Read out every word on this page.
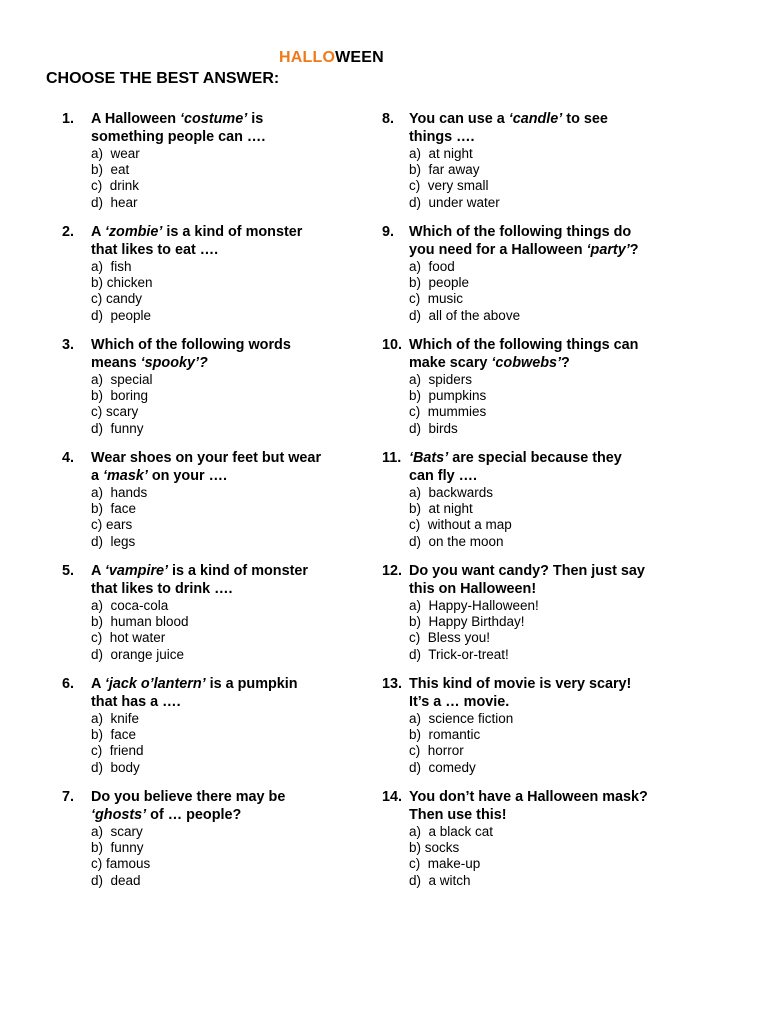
HALLOWEEN
CHOOSE THE BEST ANSWER:
1.	A Halloween ‘costume’ is
something people can ….
a)  wear
b)  eat
c)  drink
d)  hear
2.	A ‘zombie’ is a kind of monster
that likes to eat ….
a)  fish
b) chicken
c) candy
d)  people
3.	Which of the following words
means ‘spooky’?
a)  special
b)  boring
c) scary
d)  funny
4.	Wear shoes on your feet but wear
a ‘mask’ on your ….
a)  hands
b)  face
c) ears
d)  legs
5.	A ‘vampire’ is a kind of monster
that likes to drink ….
a)  coca-cola
b)  human blood
c)  hot water
d)  orange juice
6.	A ‘jack o’lantern’ is a pumpkin
that has a ….
a)  knife
b)  face
c)  friend
d)  body
7.	Do you believe there may be
‘ghosts’ of … people?
a)  scary
b)  funny
c) famous
d)  dead
8.	You can use a ‘candle’ to see
things ….
a)  at night
b)  far away
c)  very small
d)  under water
9.	Which of the following things do
you need for a Halloween ‘party’?
a)  food
b)  people
c)  music
d)  all of the above
10. Which of the following things can
make scary ‘cobwebs’?
a)  spiders
b)  pumpkins
c)  mummies
d)  birds
11. ‘Bats’ are special because they
can fly ….
a)  backwards
b)  at night
c)  without a map
d)  on the moon
12. Do you want candy? Then just say
this on Halloween!
a)  Happy-Halloween!
b)  Happy Birthday!
c)  Bless you!
d)  Trick-or-treat!
13. This kind of movie is very scary!
It’s a … movie.
a)  science fiction
b)  romantic
c)  horror
d)  comedy
14. You don’t have a Halloween mask?
Then use this!
a)  a black cat
b) socks
c)  make-up
d)  a witch
